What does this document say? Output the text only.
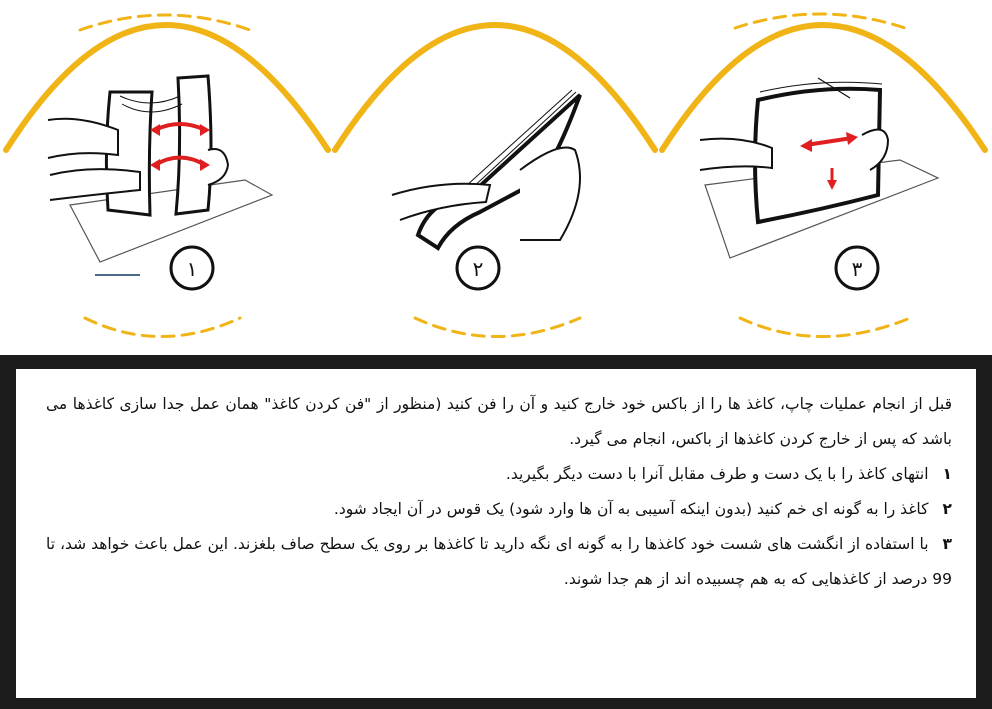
۱	۲	۳

قبل از انجام عملیات چاپ، کاغذ ها را از باکس خود خارج کنید و آن را فن کنید (منظور از "فن کردن کاغذ" همان عمل جدا سازی کاغذها می باشد که پس از خارج کردن کاغذها از باکس، انجام می گیرد.

۱انتهای کاغذ را با یک دست و طرف مقابل آنرا با دست دیگر بگیرید.

۲کاغذ را به گونه ای خم کنید (بدون اینکه آسیبی به آن ها وارد شود) یک قوس در آن ایجاد شود.

۳با استفاده از انگشت های شست خود کاغذها را به گونه ای نگه دارید تا کاغذها بر روی یک سطح صاف بلغزند. این عمل باعث خواهد شد، تا 99 درصد از کاغذهایی که به هم چسبیده اند از هم جدا شوند.
